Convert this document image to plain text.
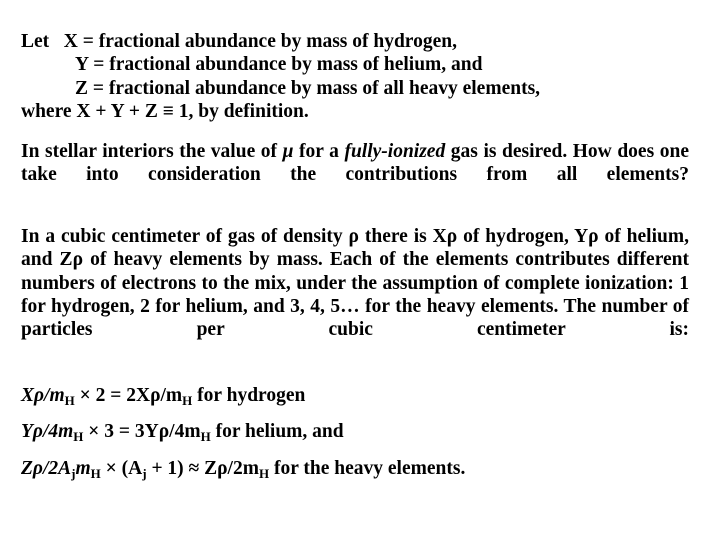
Let   X = fractional abundance by mass of hydrogen,
Y = fractional abundance by mass of helium, and
Z = fractional abundance by mass of all heavy elements,
where X + Y + Z ≡ 1, by definition.
In stellar interiors the value of μ for a fully-ionized gas is desired. How does one take into consideration the contributions from all elements?
In a cubic centimeter of gas of density ρ there is Xρ of hydrogen, Yρ of helium, and Zρ of heavy elements by mass. Each of the elements contributes different numbers of electrons to the mix, under the assumption of complete ionization: 1 for hydrogen, 2 for helium, and 3, 4, 5… for the heavy elements. The number of particles per cubic centimeter is:
$X\rho/m_H \times 2 = 2X\rho/m_H$ for hydrogen
$Y\rho/4m_H \times 3 = 3Y\rho/4m_H$ for helium, and
$Z\rho/2A_jm_H \times (A_j + 1) \approx Z\rho/2m_H$ for the heavy elements.
